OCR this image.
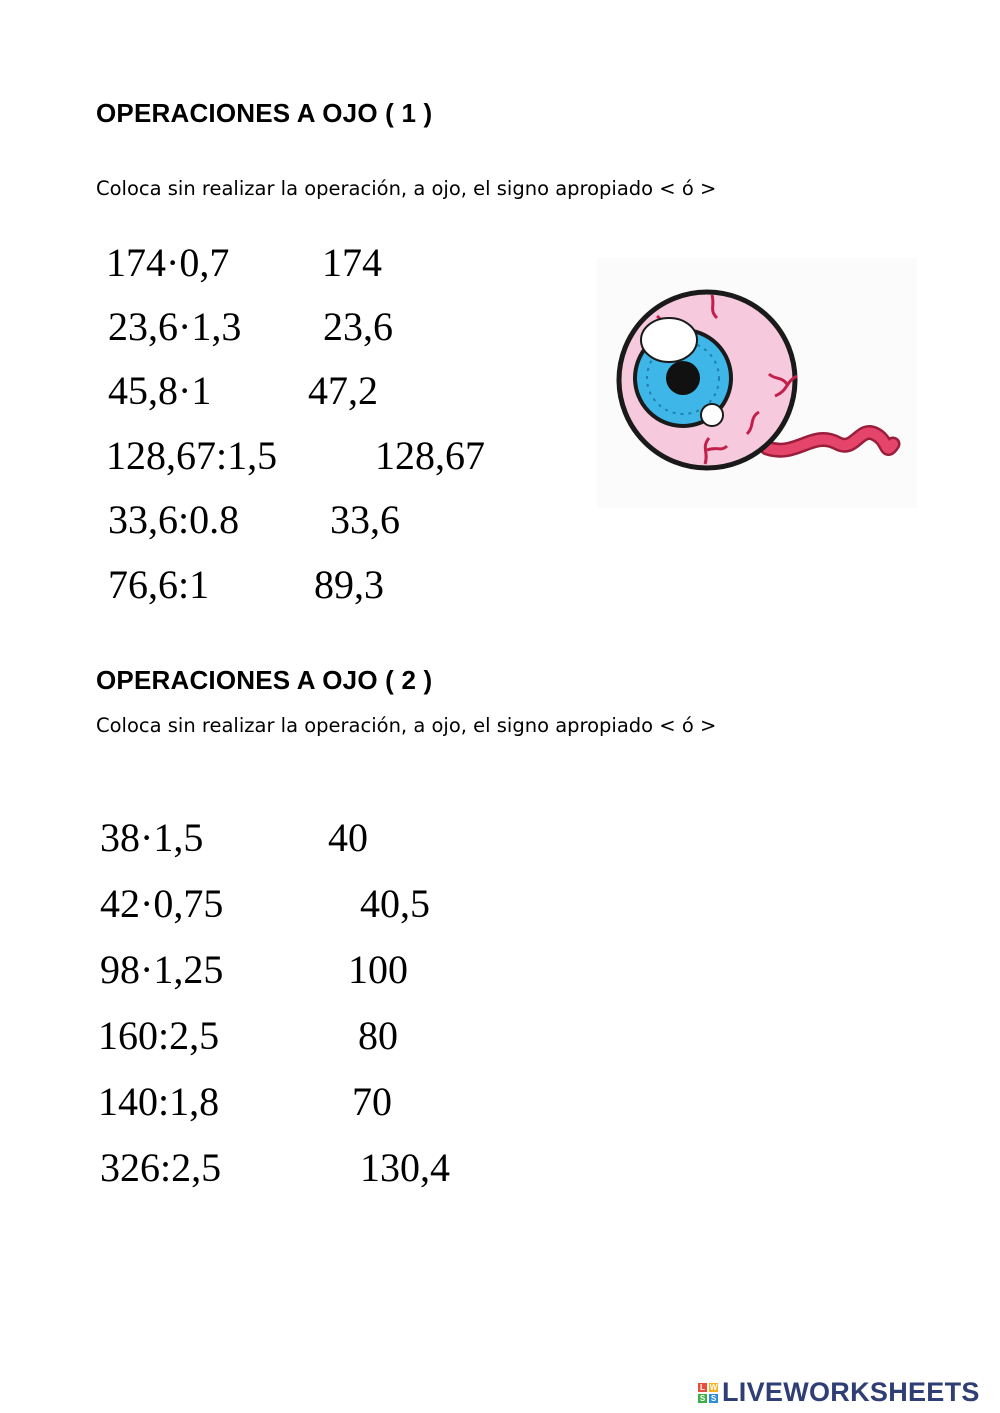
OPERACIONES A OJO ( 1 )

Coloca sin realizar la operación, a ojo, el signo apropiado < ó >

174·0,7 174
23,6·1,3 23,6
45,8·1 47,2
128,67:1,5 128,67
33,6:0.8 33,6
76,6:1	89,3
OPERACIONES A OJO ( 2 )

Coloca sin realizar la operación, a ojo, el signo apropiado < ó >

38·1,5	40
42·0,75	40,5
98·1,25	100
160:2,5	80
140:1,8	70
326:2,5	130,4
L W
S S LIVEWORKSHEETS
